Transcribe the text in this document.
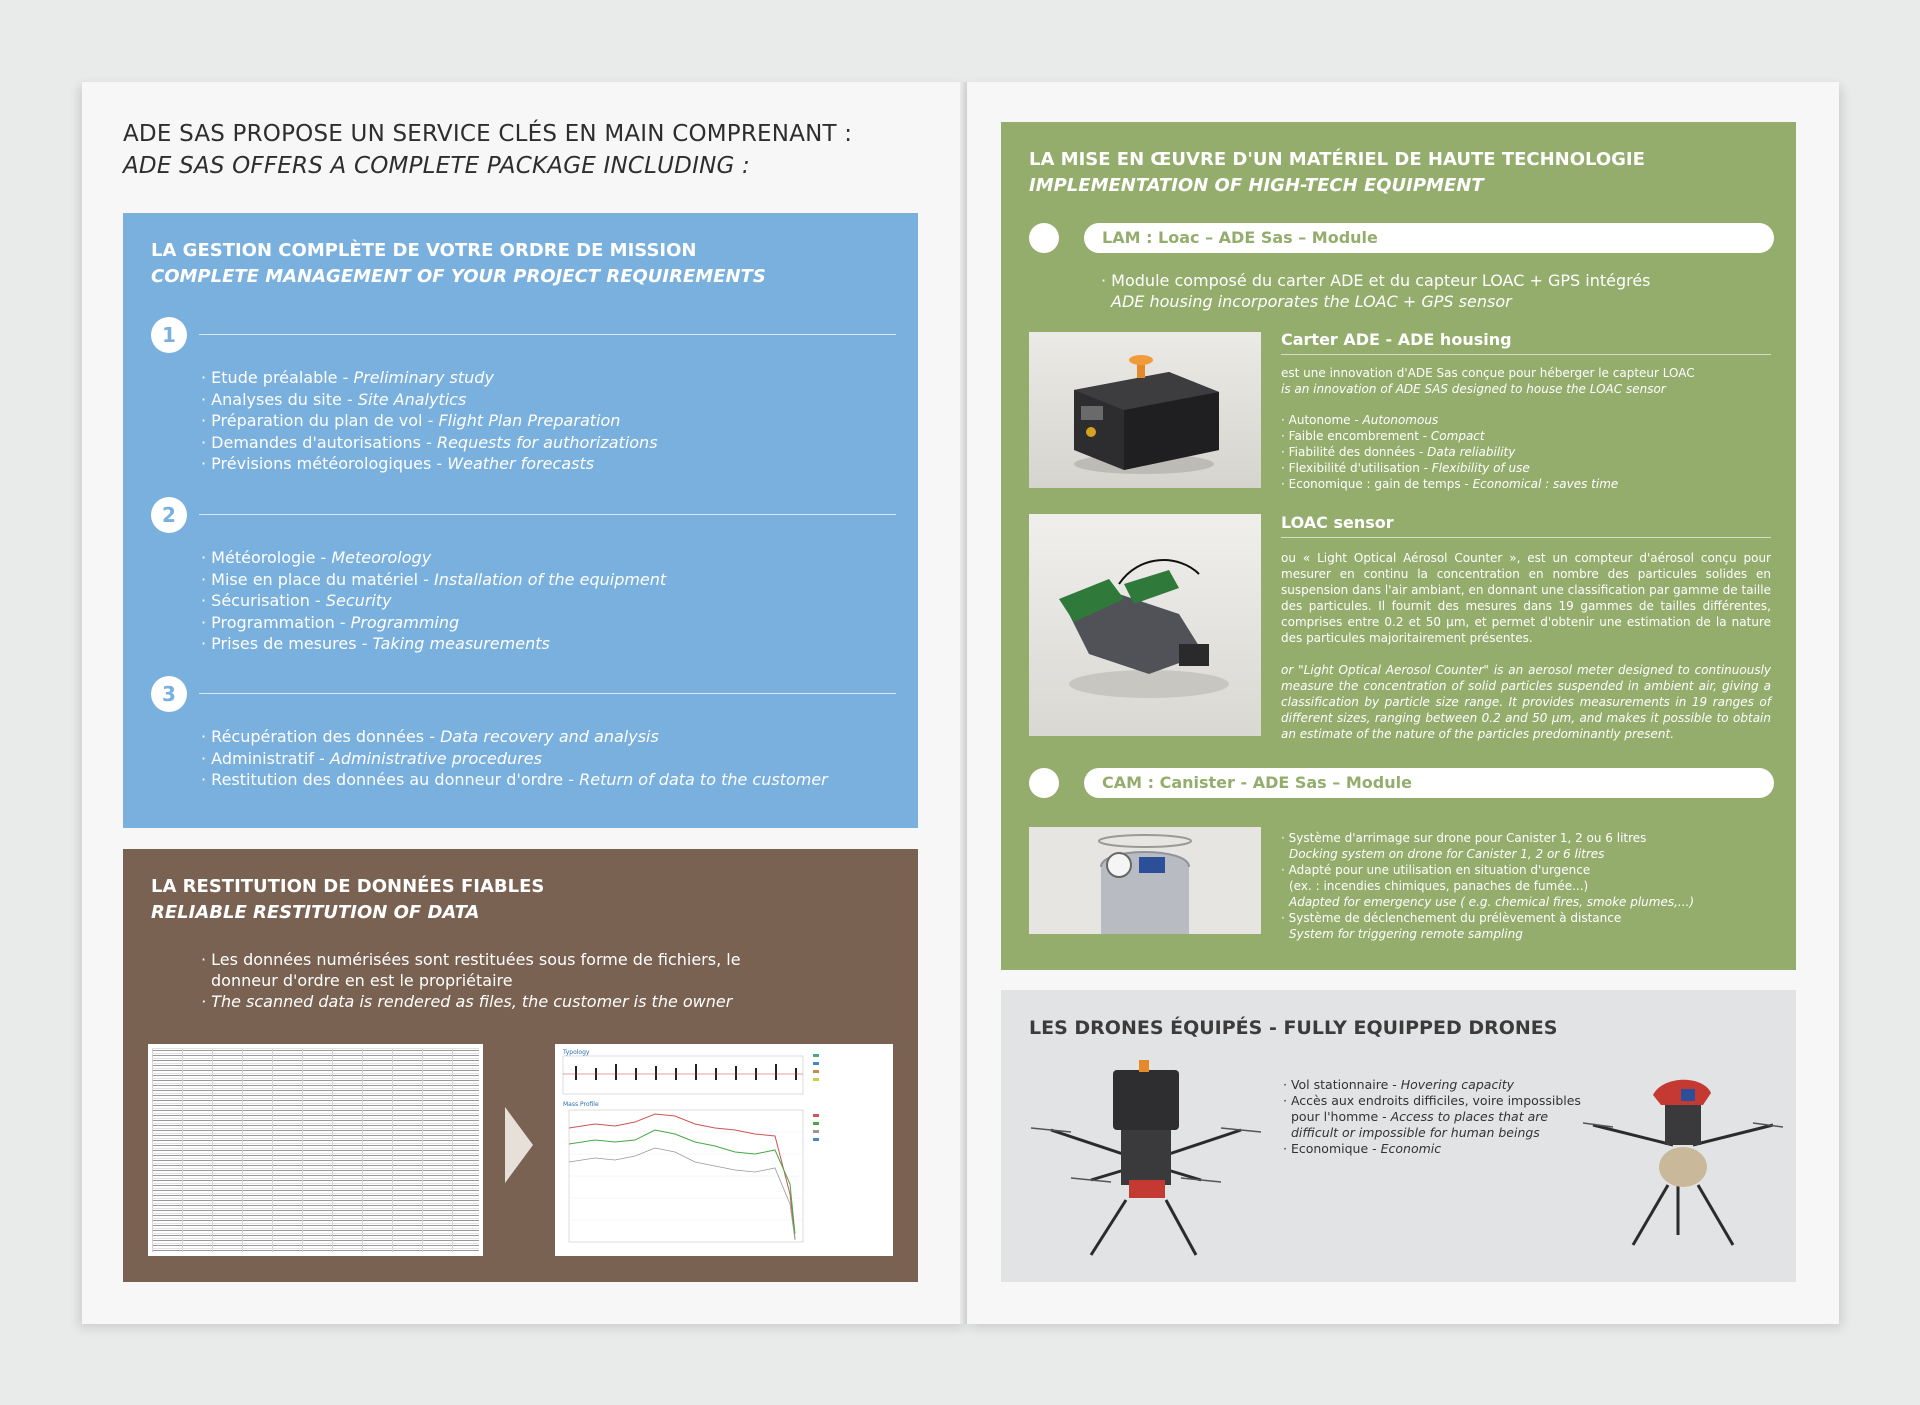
ADE SAS PROPOSE UN SERVICE CLÉS EN MAIN COMPRENANT :
ADE SAS OFFERS A COMPLETE PACKAGE INCLUDING :
LA GESTION COMPLÈTE DE VOTRE ORDRE DE MISSION
COMPLETE MANAGEMENT OF YOUR PROJECT REQUIREMENTS
1
· Etude préalable - Preliminary study
· Analyses du site - Site Analytics
· Préparation du plan de vol - Flight Plan Preparation
· Demandes d'autorisations - Requests for authorizations
· Prévisions météorologiques - Weather forecasts
2
· Météorologie - Meteorology
· Mise en place du matériel - Installation of the equipment
· Sécurisation - Security
· Programmation - Programming
· Prises de mesures - Taking measurements
3
· Récupération des données - Data recovery and analysis
· Administratif - Administrative procedures
· Restitution des données au donneur d'ordre - Return of data to the customer
LA RESTITUTION DE DONNÉES FIABLES
RELIABLE RESTITUTION OF DATA
· Les données numérisées sont restituées sous forme de fichiers, le donneur d'ordre en est le propriétaire
· The scanned data is rendered as files, the customer is the owner
Typology
Mass Profile
LA MISE EN ŒUVRE D'UN MATÉRIEL DE HAUTE TECHNOLOGIE
IMPLEMENTATION OF HIGH-TECH EQUIPMENT
LAM : Loac – ADE Sas – Module
· Module composé du carter ADE et du capteur LOAC + GPS intégrés
ADE housing incorporates the LOAC + GPS sensor
Carter ADE - ADE housing
est une innovation d'ADE Sas conçue pour héberger le capteur LOAC
is an innovation of ADE SAS designed to house the LOAC sensor
· Autonome - Autonomous
· Faible encombrement - Compact
· Fiabilité des données - Data reliability
· Flexibilité d'utilisation - Flexibility of use
· Economique : gain de temps - Economical : saves time
LOAC sensor
ou « Light Optical Aérosol Counter », est un compteur d'aérosol conçu pour mesurer en continu la concentration en nombre des particules solides en suspension dans l'air ambiant, en donnant une classification par gamme de taille des particules. Il fournit des mesures dans 19 gammes de tailles différentes, comprises entre 0.2 et 50 µm, et permet d'obtenir une estimation de la nature des particules majoritairement présentes.
or "Light Optical Aerosol Counter" is an aerosol meter designed to continuously measure the concentration of solid particles suspended in ambient air, giving a classification by particle size range. It provides measurements in 19 ranges of different sizes, ranging between 0.2 and 50 µm, and makes it possible to obtain an estimate of the nature of the particles predominantly present.
CAM : Canister - ADE Sas – Module
· Système d'arrimage sur drone pour Canister 1, 2 ou 6 litres
Docking system on drone for Canister 1, 2 or 6 litres
· Adapté pour une utilisation en situation d'urgence
(ex. : incendies chimiques, panaches de fumée...)
Adapted for emergency use ( e.g. chemical fires, smoke plumes,...)
· Système de déclenchement du prélèvement à distance
System for triggering remote sampling
LES DRONES ÉQUIPÉS - FULLY EQUIPPED DRONES
· Vol stationnaire - Hovering capacity
· Accès aux endroits difficiles, voire impossibles pour l'homme - Access to places that are difficult or impossible for human beings
· Economique - Economic
